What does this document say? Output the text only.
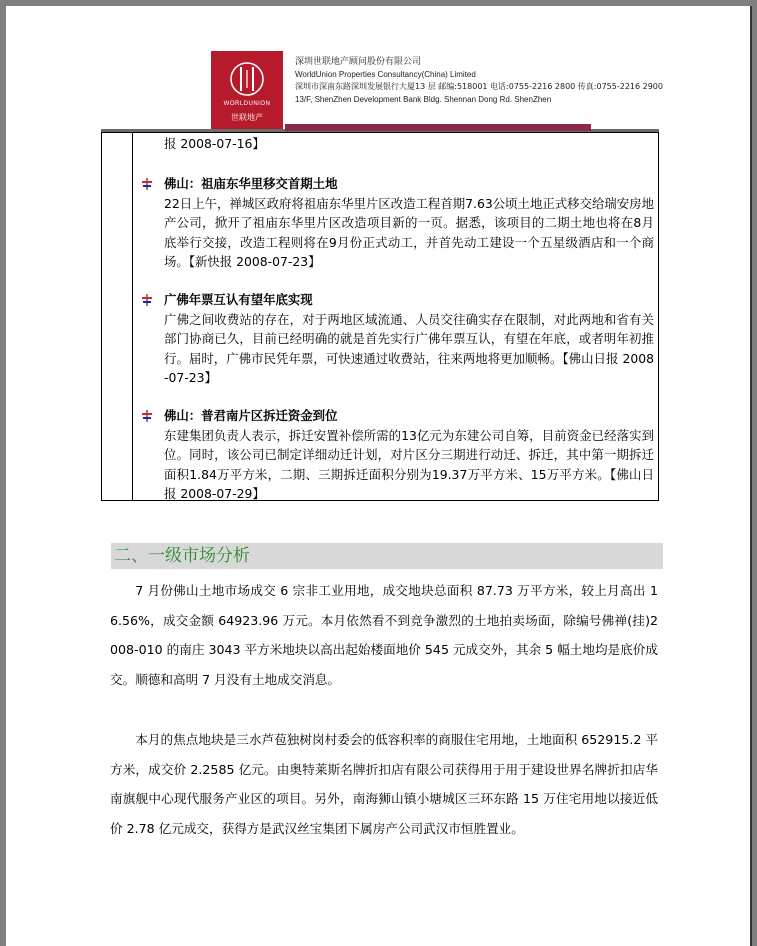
WORLDUNION
世联地产
深圳世联地产顾问股份有限公司
WorldUnion Properties Consultancy(China) Limited
深圳市深南东路深圳发展银行大厦13 层 邮编:518001 电话:0755-2216 2800 传真:0755-2216 2900
13/F, ShenZhen Development Bank Bldg. Shennan Dong Rd. ShenZhen
报 2008-07-16】
佛山：祖庙东华里移交首期土地
22日上午，禅城区政府将祖庙东华里片区改造工程首期7.63公顷土地正式移交给瑞安房地产公司，掀开了祖庙东华里片区改造项目新的一页。据悉，该项目的二期土地也将在8月底举行交接，改造工程则将在9月份正式动工，并首先动工建设一个五星级酒店和一个商场。【新快报 2008-07-23】
广佛年票互认有望年底实现
广佛之间收费站的存在，对于两地区域流通、人员交往确实存在限制，对此两地和省有关部门协商已久，目前已经明确的就是首先实行广佛年票互认，有望在年底，或者明年初推行。届时，广佛市民凭年票，可快速通过收费站，往来两地将更加顺畅。【佛山日报 2008-07-23】
佛山：普君南片区拆迁资金到位
东建集团负责人表示，拆迁安置补偿所需的13亿元为东建公司自筹，目前资金已经落实到位。同时，该公司已制定详细动迁计划，对片区分三期进行动迁、拆迁，其中第一期拆迁面积1.84万平方米，二期、三期拆迁面积分别为19.37万平方米、15万平方米。【佛山日报 2008-07-29】
二、一级市场分析
7 月份佛山土地市场成交 6 宗非工业用地，成交地块总面积 87.73 万平方米，较上月高出 16.56%，成交金额 64923.96 万元。本月依然看不到竞争激烈的土地拍卖场面，除编号佛禅(挂)2008-010 的南庄 3043 平方米地块以高出起始楼面地价 545 元成交外，其余 5 幅土地均是底价成交。顺德和高明 7 月没有土地成交消息。
本月的焦点地块是三水芦苞独树岗村委会的低容积率的商服住宅用地，土地面积 652915.2 平方米，成交价 2.2585 亿元。由奥特莱斯名牌折扣店有限公司获得用于用于建设世界名牌折扣店华南旗舰中心现代服务产业区的项目。另外，南海狮山镇小塘城区三环东路 15 万住宅用地以接近低价 2.78 亿元成交，获得方是武汉丝宝集团下属房产公司武汉市恒胜置业。
